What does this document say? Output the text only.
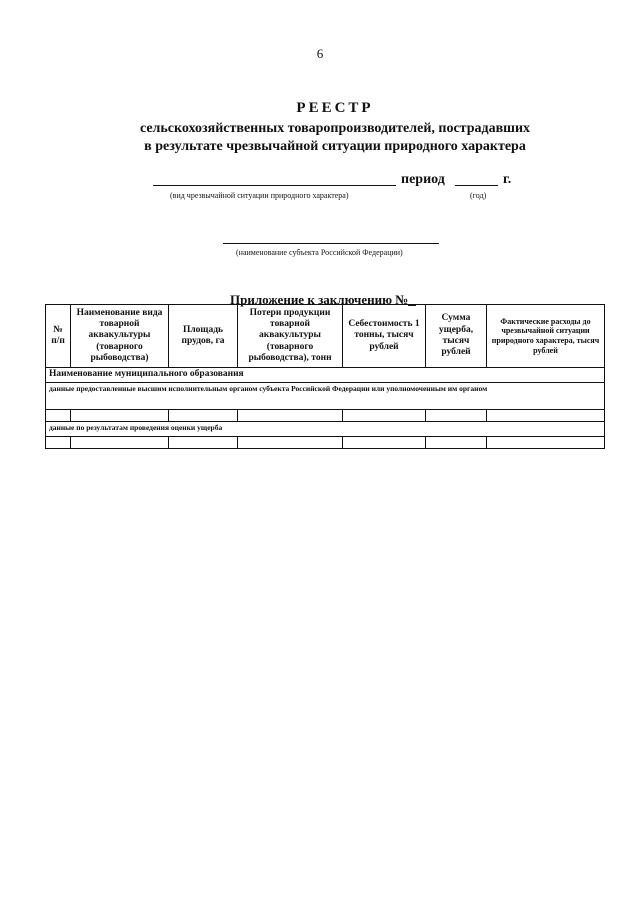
6
РЕЕСТР
сельскохозяйственных товаропроизводителей, пострадавших
в результате чрезвычайной ситуации природного характера
период	г.
(вид чрезвычайной ситуации природного характера)	(год)
(наименование субъекта Российской Федерации)
Приложение к заключению №
№ п/п	Наименование вида товарной аквакультуры (товарного рыбоводства)	Площадь прудов, га	Потери продукции товарной аквакультуры (товарного рыбоводства), тонн	Себестоимость 1 тонны, тысяч рублей	Сумма ущерба, тысяч рублей	Фактические расходы до чрезвычайной ситуации природного характера, тысяч рублей
Наименование муниципального образования						
данные предоставленные высшим исполнительным органом субъекта Российской Федерации или уполномоченным им органом						

данные по результатам проведения оценки ущерба						
